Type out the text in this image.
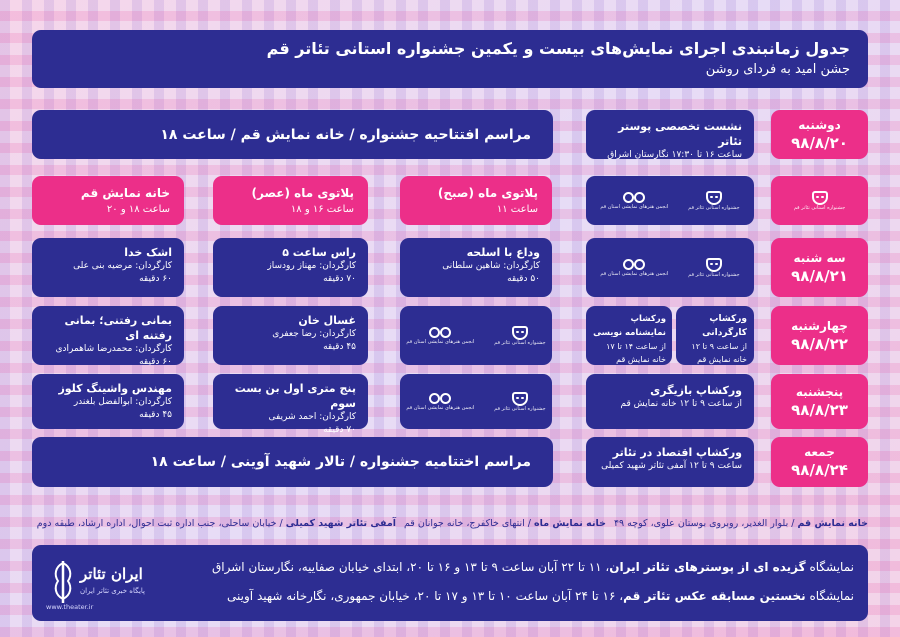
جدول زمانبندی اجرای نمایش‌های بیست و یکمین جشنواره استانی تئاتر قم
جشن امید به فردای روشن
دوشنبه
۹۸/۸/۲۰
جشنواره استانی تئاتر قم
سه شنبه
۹۸/۸/۲۱
چهارشنبه
۹۸/۸/۲۲
پنجشنبه
۹۸/۸/۲۳
جمعه
۹۸/۸/۲۴
نشست تخصصی پوستر تئاتر
ساعت ۱۶ تا ۱۷:۳۰ نگارستان اشراق
مراسم افتتاحیه جشنواره / خانه نمایش قم / ساعت ۱۸
جشنواره استانی تئاتر قم
انجمن هنرهای نمایشی استان قم
پلاتوی ماه (صبح)
ساعت ۱۱
پلاتوی ماه (عصر)
ساعت ۱۶ و ۱۸
خانه نمایش قم
ساعت ۱۸ و ۲۰
جشنواره استانی تئاتر قم
انجمن هنرهای نمایشی استان قم
وداع با اسلحه
کارگردان: شاهین سلطانی
۵۰ دقیقه
راس ساعت ۵
کارگردان: مهناز رودساز
۷۰ دقیقه
اشک خدا
کارگردان: مرضیه بنی علی
۶۰ دقیقه
ورکشاپ کارگردانی
از ساعت ۹ تا ۱۲
خانه نمایش قم
ورکشاپ نمایشنامه نویسی
از ساعت ۱۴ تا ۱۷
خانه نمایش قم
جشنواره استانی تئاتر قم
انجمن هنرهای نمایشی استان قم
غسال خان
کارگردان: رضا جعفری
۴۵ دقیقه
بمانی رفتنی؛ بمانی رفتنه ای
کارگردان: محمدرضا شاهمرادی
۶۰ دقیقه
ورکشاپ بازیگری
از ساعت ۹ تا ۱۲ خانه نمایش قم
جشنواره استانی تئاتر قم
انجمن هنرهای نمایشی استان قم
پنج متری اول بن بست سوم
کارگردان: احمد شریفی
۷۰ دقیقه
مهندس واشینگ کلوز
کارگردان: ابوالفضل بلغندر
۴۵ دقیقه
ورکشاپ اقتصاد در تئاتر
ساعت ۹ تا ۱۲ آمفی تئاتر شهید کمیلی
مراسم اختتامیه جشنواره / تالار شهید آوینی / ساعت ۱۸
خانه نمایش قم / بلوار الغدیر، روبروی بوستان علوی، کوچه ۴۹
خانه نمایش ماه / انتهای خاکفرج، خانه جوانان قم
آمفی تئاتر شهید کمیلی / خیابان ساحلی، جنب اداره ثبت احوال، اداره ارشاد، طبقه دوم
نمایشگاه گزیده ای از پوسترهای تئاتر ایران، ۱۱ تا ۲۲ آبان ساعت ۹ تا ۱۳ و ۱۶ تا ۲۰، ابتدای خیابان صفاییه، نگارستان اشراق
نمایشگاه نخستین مسابقه عکس تئاتر قم، ۱۶ تا ۲۴ آبان ساعت ۱۰ تا ۱۳ و ۱۷ تا ۲۰، خیابان جمهوری، نگارخانه شهید آوینی
ایران تئاتر
پایگاه خبری تئاتر ایران
www.theater.ir
